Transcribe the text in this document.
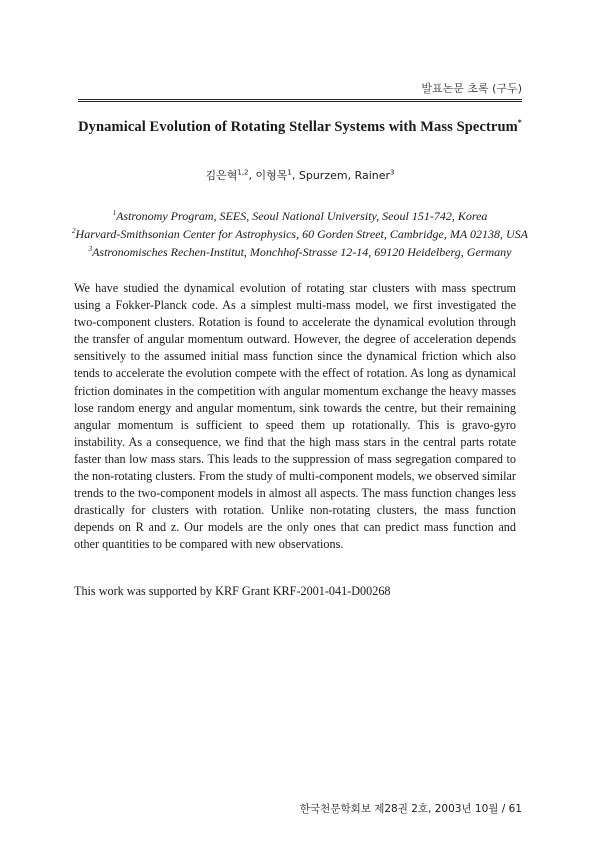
발표논문 초록 (구두)
Dynamical Evolution of Rotating Stellar Systems with Mass Spectrum*
김은혁$^{1,2}$, 이형목$^1$, Spurzem, Rainer$^3$
$^1$Astronomy Program, SEES, Seoul National University, Seoul 151-742, Korea
$^2$Harvard-Smithsonian Center for Astrophysics, 60 Gorden Street, Cambridge, MA 02138, USA
$^3$Astronomisches Rechen-Institut, Monchhof-Strasse 12-14, 69120 Heidelberg, Germany

We have studied the dynamical evolution of rotating star clusters with mass spectrum using a Fokker-Planck code. As a simplest multi-mass model, we first investigated the two-component clusters. Rotation is found to accelerate the dynamical evolution through the transfer of angular momentum outward. However, the degree of acceleration depends sensitively to the assumed initial mass function since the dynamical friction which also tends to accelerate the evolution compete with the effect of rotation. As long as dynamical friction dominates in the competition with angular momentum exchange the heavy masses lose random energy and angular momentum, sink towards the centre, but their remaining angular momentum is sufficient to speed them up rotationally. This is gravo-gyro instability. As a consequence, we find that the high mass stars in the central parts rotate faster than low mass stars. This leads to the suppression of mass segregation compared to the non-rotating clusters. From the study of multi-component models, we observed similar trends to the two-component models in almost all aspects. The mass function changes less drastically for clusters with rotation. Unlike non-rotating clusters, the mass function depends on R and z. Our models are the only ones that can predict mass function and other quantities to be compared with new observations.

This work was supported by KRF Grant KRF-2001-041-D00268

한국천문학회보 제28권 2호, 2003년 10월 / 61
